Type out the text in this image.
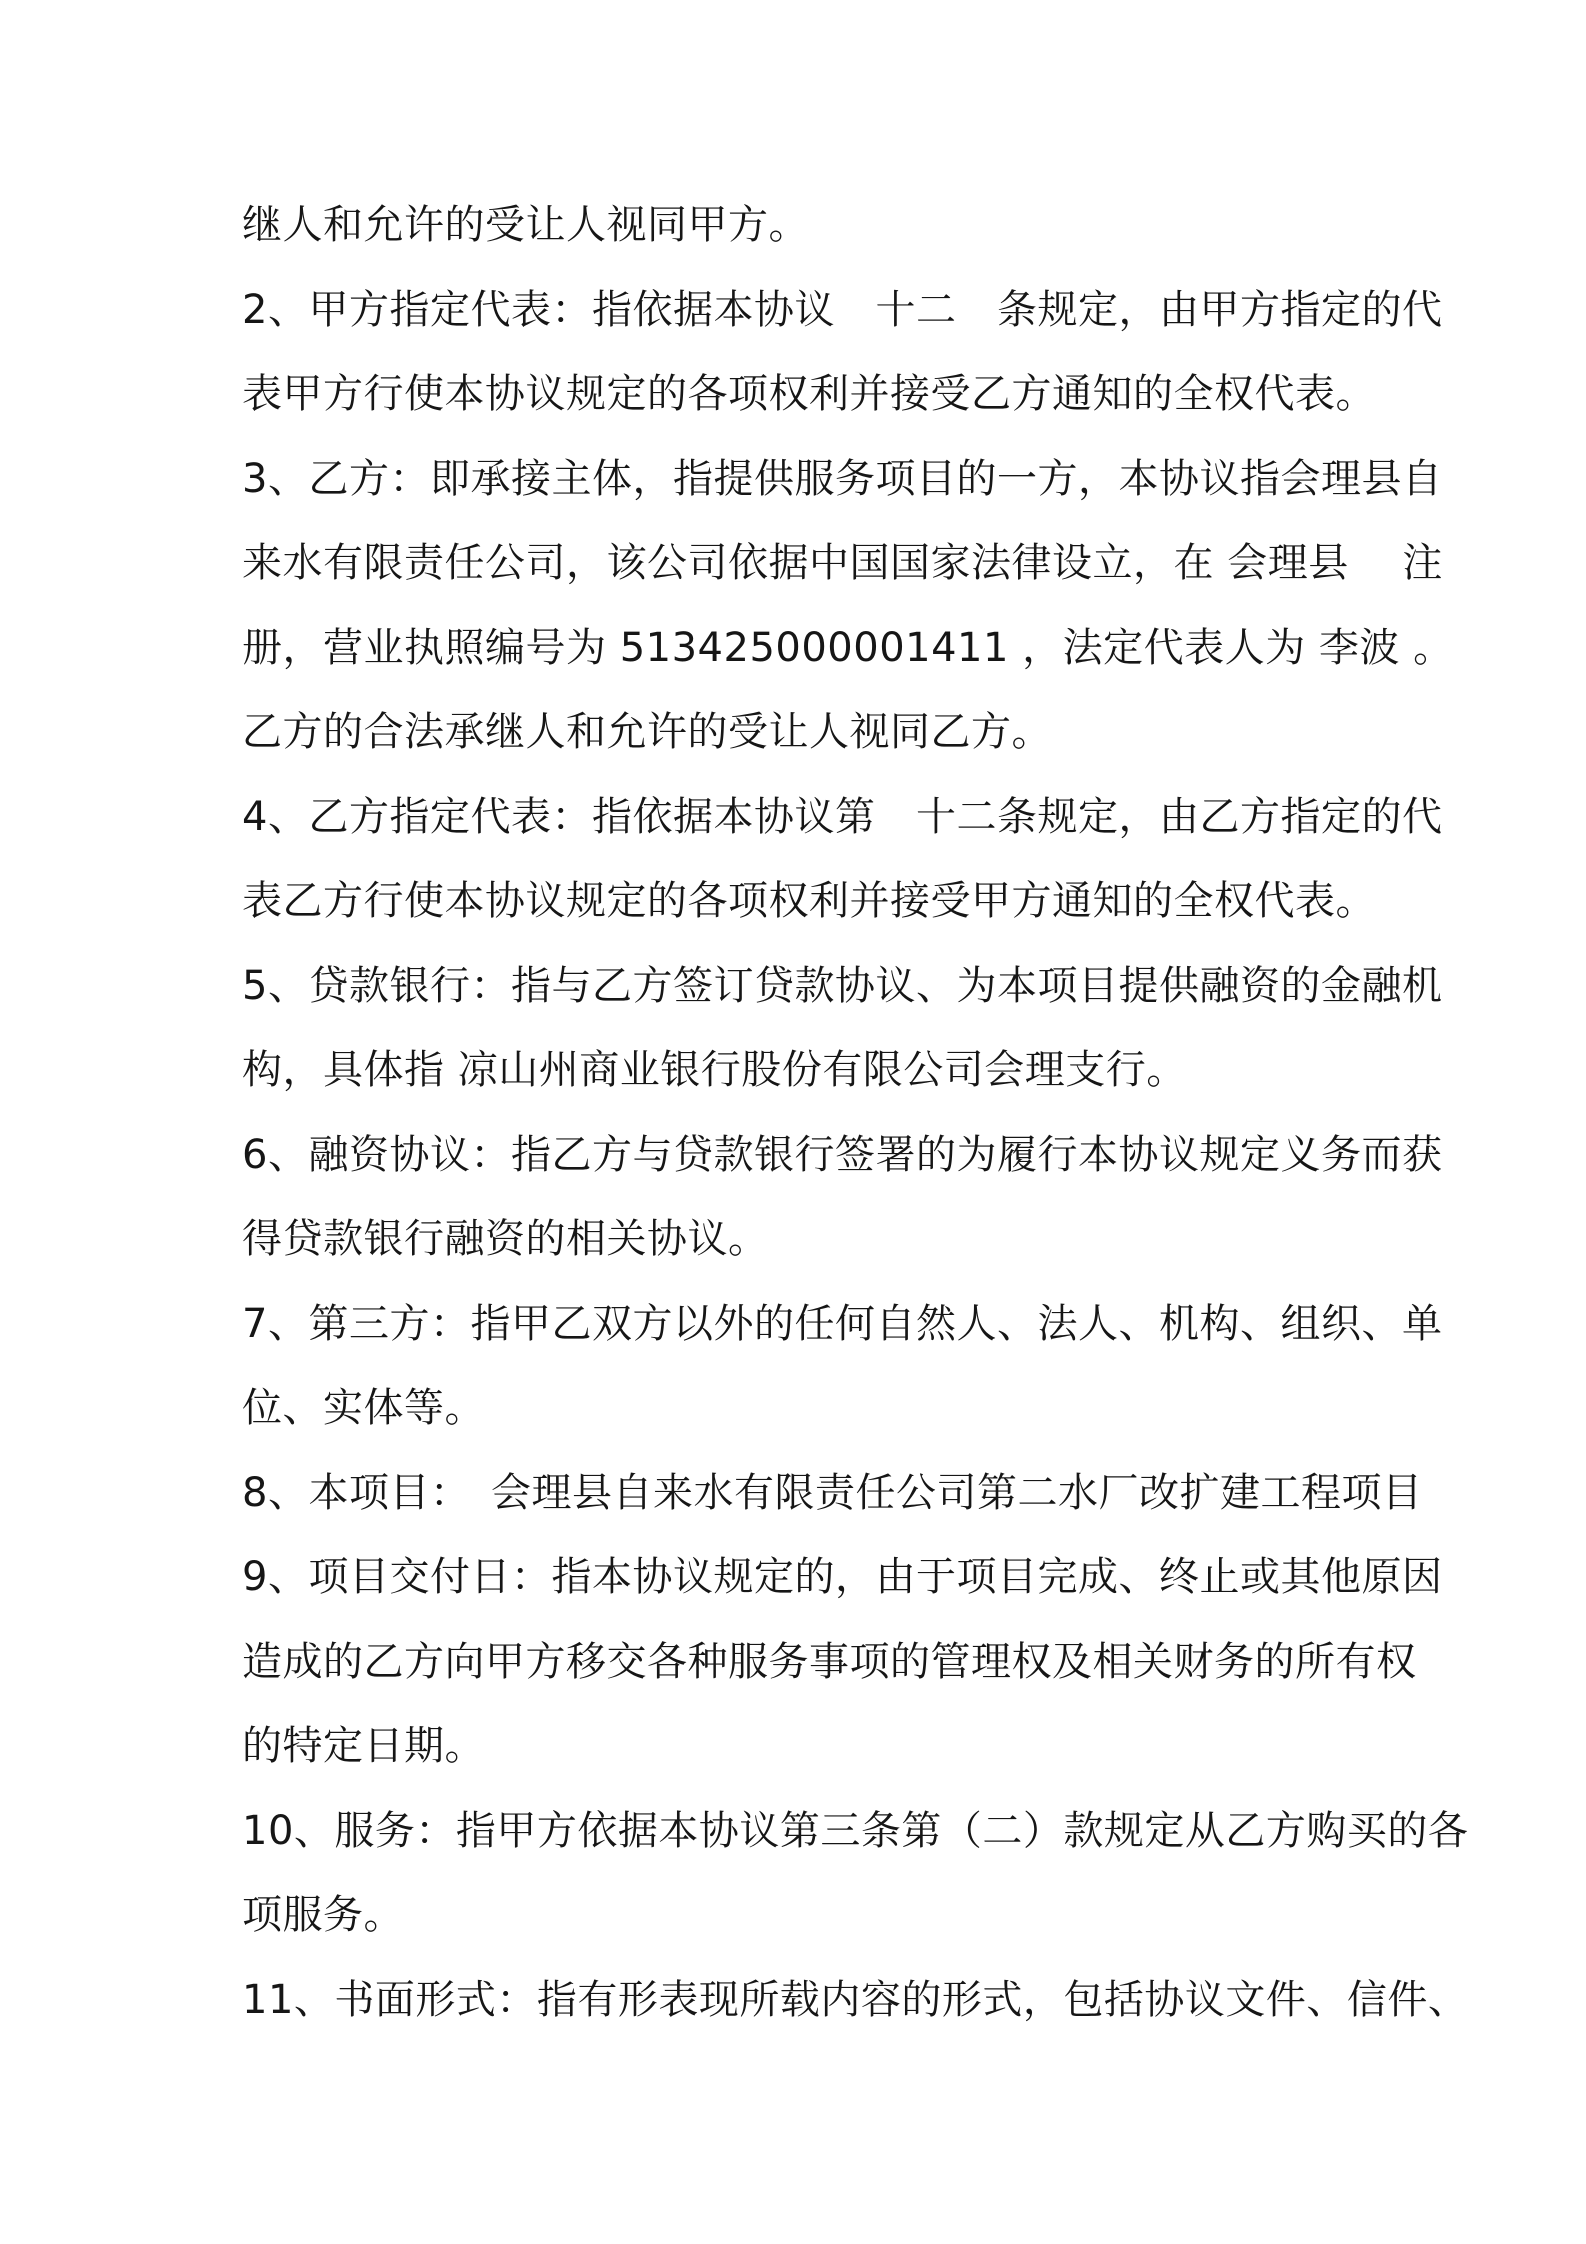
继人和允许的受让人视同甲方。
2、甲方指定代表：指依据本协议　十二　条规定，由甲方指定的代
表甲方行使本协议规定的各项权利并接受乙方通知的全权代表。
3、乙方：即承接主体，指提供服务项目的一方，本协议指会理县自
来水有限责任公司，该公司依据中国国家法律设立，在 会理县　 注
册，营业执照编号为 513425000001411 ，法定代表人为 李波 。
乙方的合法承继人和允许的受让人视同乙方。
4、乙方指定代表：指依据本协议第　十二条规定，由乙方指定的代
表乙方行使本协议规定的各项权利并接受甲方通知的全权代表。
5、贷款银行：指与乙方签订贷款协议、为本项目提供融资的金融机
构，具体指 凉山州商业银行股份有限公司会理支行。
6、融资协议：指乙方与贷款银行签署的为履行本协议规定义务而获
得贷款银行融资的相关协议。
7、第三方：指甲乙双方以外的任何自然人、法人、机构、组织、单
位、实体等。
8、本项目：　会理县自来水有限责任公司第二水厂改扩建工程项目
9、项目交付日：指本协议规定的，由于项目完成、终止或其他原因
造成的乙方向甲方移交各种服务事项的管理权及相关财务的所有权
的特定日期。
10、服务：指甲方依据本协议第三条第（二）款规定从乙方购买的各
项服务。
11、书面形式：指有形表现所载内容的形式，包括协议文件、信件、
